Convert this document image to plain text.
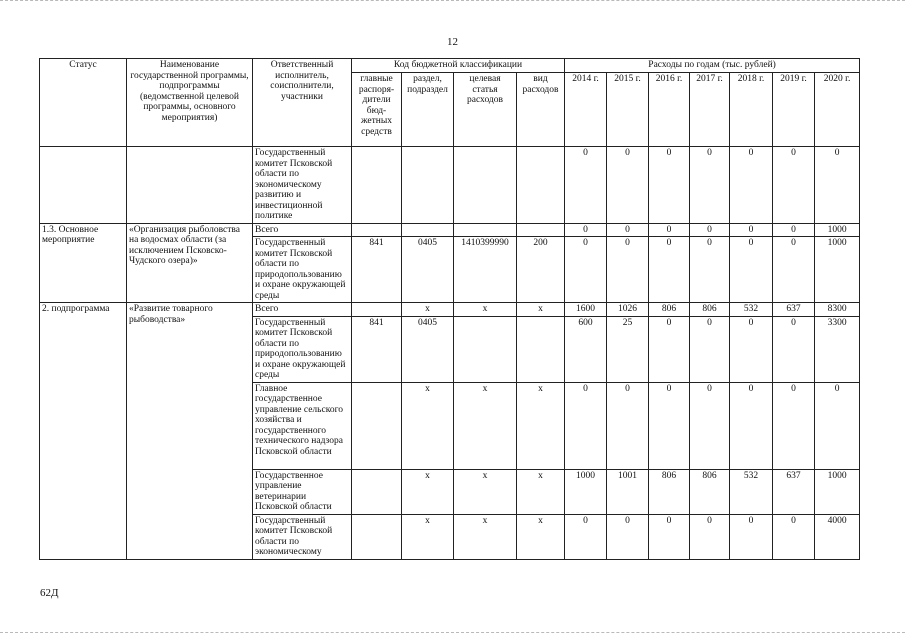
12
Статус	Наименование государственной программы, подпрограммы (ведомственной целевой программы, основного мероприятия)	Ответственный исполнитель, соисполнители, участники	Код бюджетной классификации				Расходы по годам (тыс. рублей)						
			главные распоря-дители бюд-жетных средств	раздел, подраздел	целевая статья расходов	вид расходов	2014 г.	2015 г.	2016 г.	2017 г.	2018 г.	2019 г.	2020 г.
		Государственный комитет Псковской области по экономическому развитию и инвестиционной политике					0	0	0	0	0	0	0
1.3. Основное мероприятие	«Организация рыболовства на водосмах области (за исключением Псковско-Чудского озера)»	Всего					0	0	0	0	0	0	1000
		Государственный комитет Псковской области по природопользованию и охране окружающей среды	841	0405	1410399990	200	0	0	0	0	0	0	1000
2. подпрограмма	«Развитие товарного рыбоводства»	Всего		x	x	x	1600	1026	806	806	532	637	8300
		Государственный комитет Псковской области по природопользованию и охране окружающей среды	841	0405			600	25	0	0	0	0	3300
		Главное государственное управление сельского хозяйства и государственного технического надзора Псковской области		x	x	x	0	0	0	0	0	0	0
		Государственное управление ветеринарии Псковской области		x	x	x	1000	1001	806	806	532	637	1000
		Государственный комитет Псковской области по экономическому		x	x	x	0	0	0	0	0	0	4000
62Д
